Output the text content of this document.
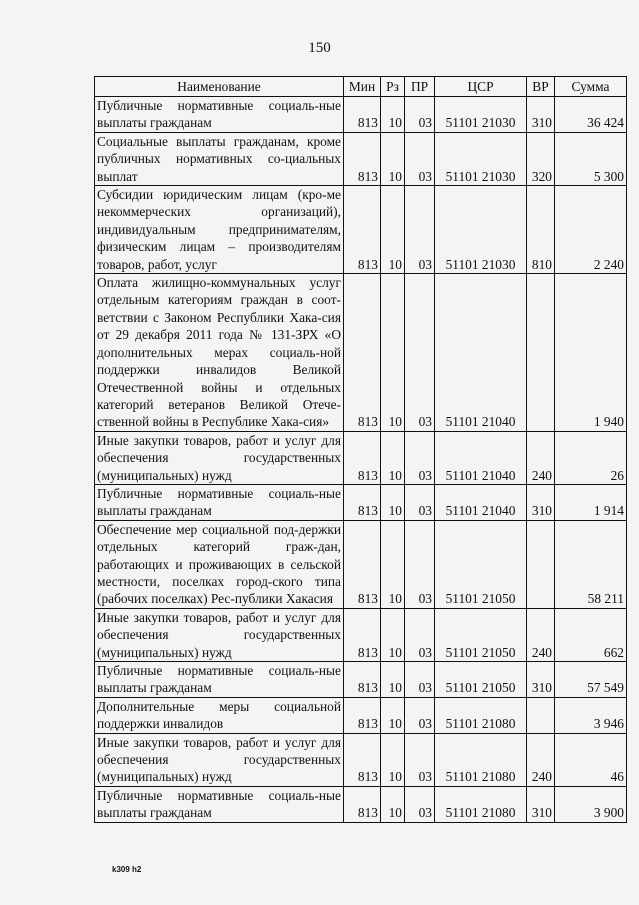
150
Наименование	Мин	Рз	ПР	ЦСР	ВР	Сумма
Публичные нормативные социаль-ные выплаты гражданам	813	10	03	51101 21030	310	36 424
Социальные выплаты гражданам, кроме публичных нормативных со-циальных выплат	813	10	03	51101 21030	320	5 300
Субсидии юридическим лицам (кро-ме некоммерческих организаций), индивидуальным предпринимателям, физическим лицам – производителям товаров, работ, услуг	813	10	03	51101 21030	810	2 240
Оплата жилищно-коммунальных услуг отдельным категориям граждан в соот-ветствии с Законом Республики Хака-сия от 29 декабря 2011 года № 131-ЗРХ «О дополнительных мерах социаль-ной поддержки инвалидов Великой Отечественной войны и отдельных категорий ветеранов Великой Отече-ственной войны в Республике Хака-сия»	813	10	03	51101 21040		1 940
Иные закупки товаров, работ и услуг для обеспечения государственных (муниципальных) нужд	813	10	03	51101 21040	240	26
Публичные нормативные социаль-ные выплаты гражданам	813	10	03	51101 21040	310	1 914
Обеспечение мер социальной под-держки отдельных категорий граж-дан, работающих и проживающих в сельской местности, поселках город-ского типа (рабочих поселках) Рес-публики Хакасия	813	10	03	51101 21050		58 211
Иные закупки товаров, работ и услуг для обеспечения государственных (муниципальных) нужд	813	10	03	51101 21050	240	662
Публичные нормативные социаль-ные выплаты гражданам	813	10	03	51101 21050	310	57 549
Дополнительные меры социальной поддержки инвалидов	813	10	03	51101 21080		3 946
Иные закупки товаров, работ и услуг для обеспечения государственных (муниципальных) нужд	813	10	03	51101 21080	240	46
Публичные нормативные социаль-ные выплаты гражданам	813	10	03	51101 21080	310	3 900
k309 h2
